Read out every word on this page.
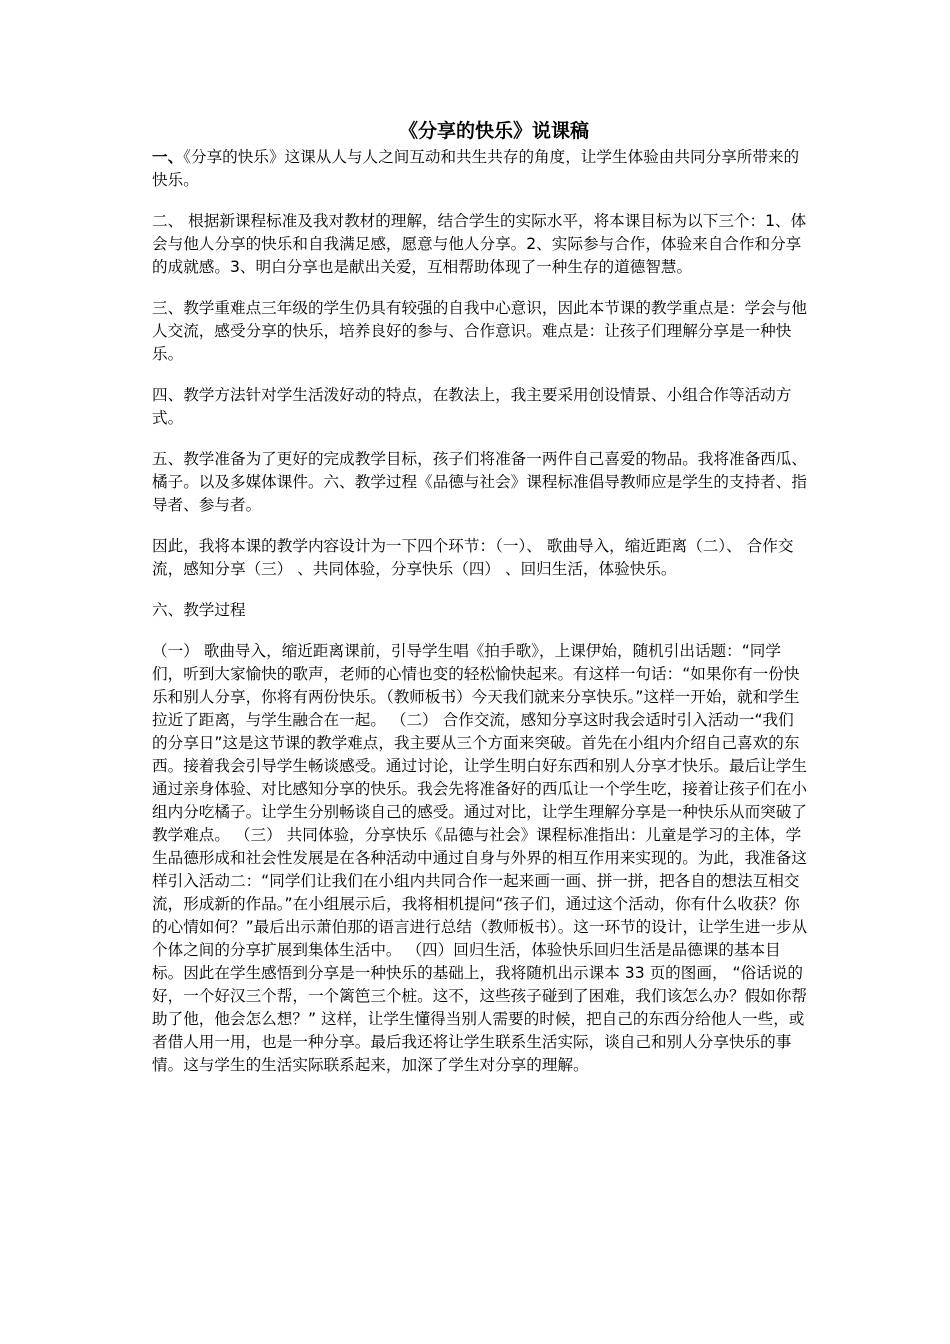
《分享的快乐》说课稿

一、《分享的快乐》这课从人与人之间互动和共生共存的角度，让学生体验由共同分享所带来的快乐。

二、 根据新课程标准及我对教材的理解，结合学生的实际水平，将本课目标为以下三个：1、体会与他人分享的快乐和自我满足感，愿意与他人分享。2、实际参与合作，体验来自合作和分享的成就感。3、明白分享也是献出关爱，互相帮助体现了一种生存的道德智慧。

三、教学重难点三年级的学生仍具有较强的自我中心意识，因此本节课的教学重点是：学会与他人交流，感受分享的快乐，培养良好的参与、合作意识。难点是：让孩子们理解分享是一种快乐。

四、教学方法针对学生活泼好动的特点，在教法上，我主要采用创设情景、小组合作等活动方式。

五、教学准备为了更好的完成教学目标，孩子们将准备一两件自己喜爱的物品。我将准备西瓜、橘子。以及多媒体课件。六、教学过程《品德与社会》课程标准倡导教师应是学生的支持者、指导者、参与者。

因此，我将本课的教学内容设计为一下四个环节：（一）、 歌曲导入，缩近距离（二）、 合作交流，感知分享（三） 、共同体验，分享快乐（四） 、回归生活，体验快乐。

六、教学过程

（一） 歌曲导入，缩近距离课前，引导学生唱《拍手歌》，上课伊始，随机引出话题：“同学们，听到大家愉快的歌声，老师的心情也变的轻松愉快起来。有这样一句话：“如果你有一份快乐和别人分享，你将有两份快乐。（教师板书）今天我们就来分享快乐。”这样一开始，就和学生拉近了距离，与学生融合在一起。 （二） 合作交流，感知分享这时我会适时引入活动一“我们的分享日”这是这节课的教学难点，我主要从三个方面来突破。首先在小组内介绍自己喜欢的东西。接着我会引导学生畅谈感受。通过讨论，让学生明白好东西和别人分享才快乐。最后让学生通过亲身体验、对比感知分享的快乐。我会先将准备好的西瓜让一个学生吃，接着让孩子们在小组内分吃橘子。让学生分别畅谈自己的感受。通过对比，让学生理解分享是一种快乐从而突破了教学难点。 （三） 共同体验，分享快乐《品德与社会》课程标准指出：儿童是学习的主体，学生品德形成和社会性发展是在各种活动中通过自身与外界的相互作用来实现的。为此，我准备这样引入活动二：“同学们让我们在小组内共同合作一起来画一画、拼一拼，把各自的想法互相交流，形成新的作品。”在小组展示后，我将相机提问“孩子们，通过这个活动，你有什么收获？你的心情如何？”最后出示萧伯那的语言进行总结（教师板书）。这一环节的设计，让学生进一步从个体之间的分享扩展到集体生活中。 （四）回归生活，体验快乐回归生活是品德课的基本目标。因此在学生感悟到分享是一种快乐的基础上，我将随机出示课本 33 页的图画， “俗话说的好，一个好汉三个帮，一个篱笆三个桩。这不，这些孩子碰到了困难，我们该怎么办？假如你帮助了他，他会怎么想？” 这样，让学生懂得当别人需要的时候，把自己的东西分给他人一些，或者借人用一用，也是一种分享。最后我还将让学生联系生活实际，谈自己和别人分享快乐的事情。这与学生的生活实际联系起来，加深了学生对分享的理解。
